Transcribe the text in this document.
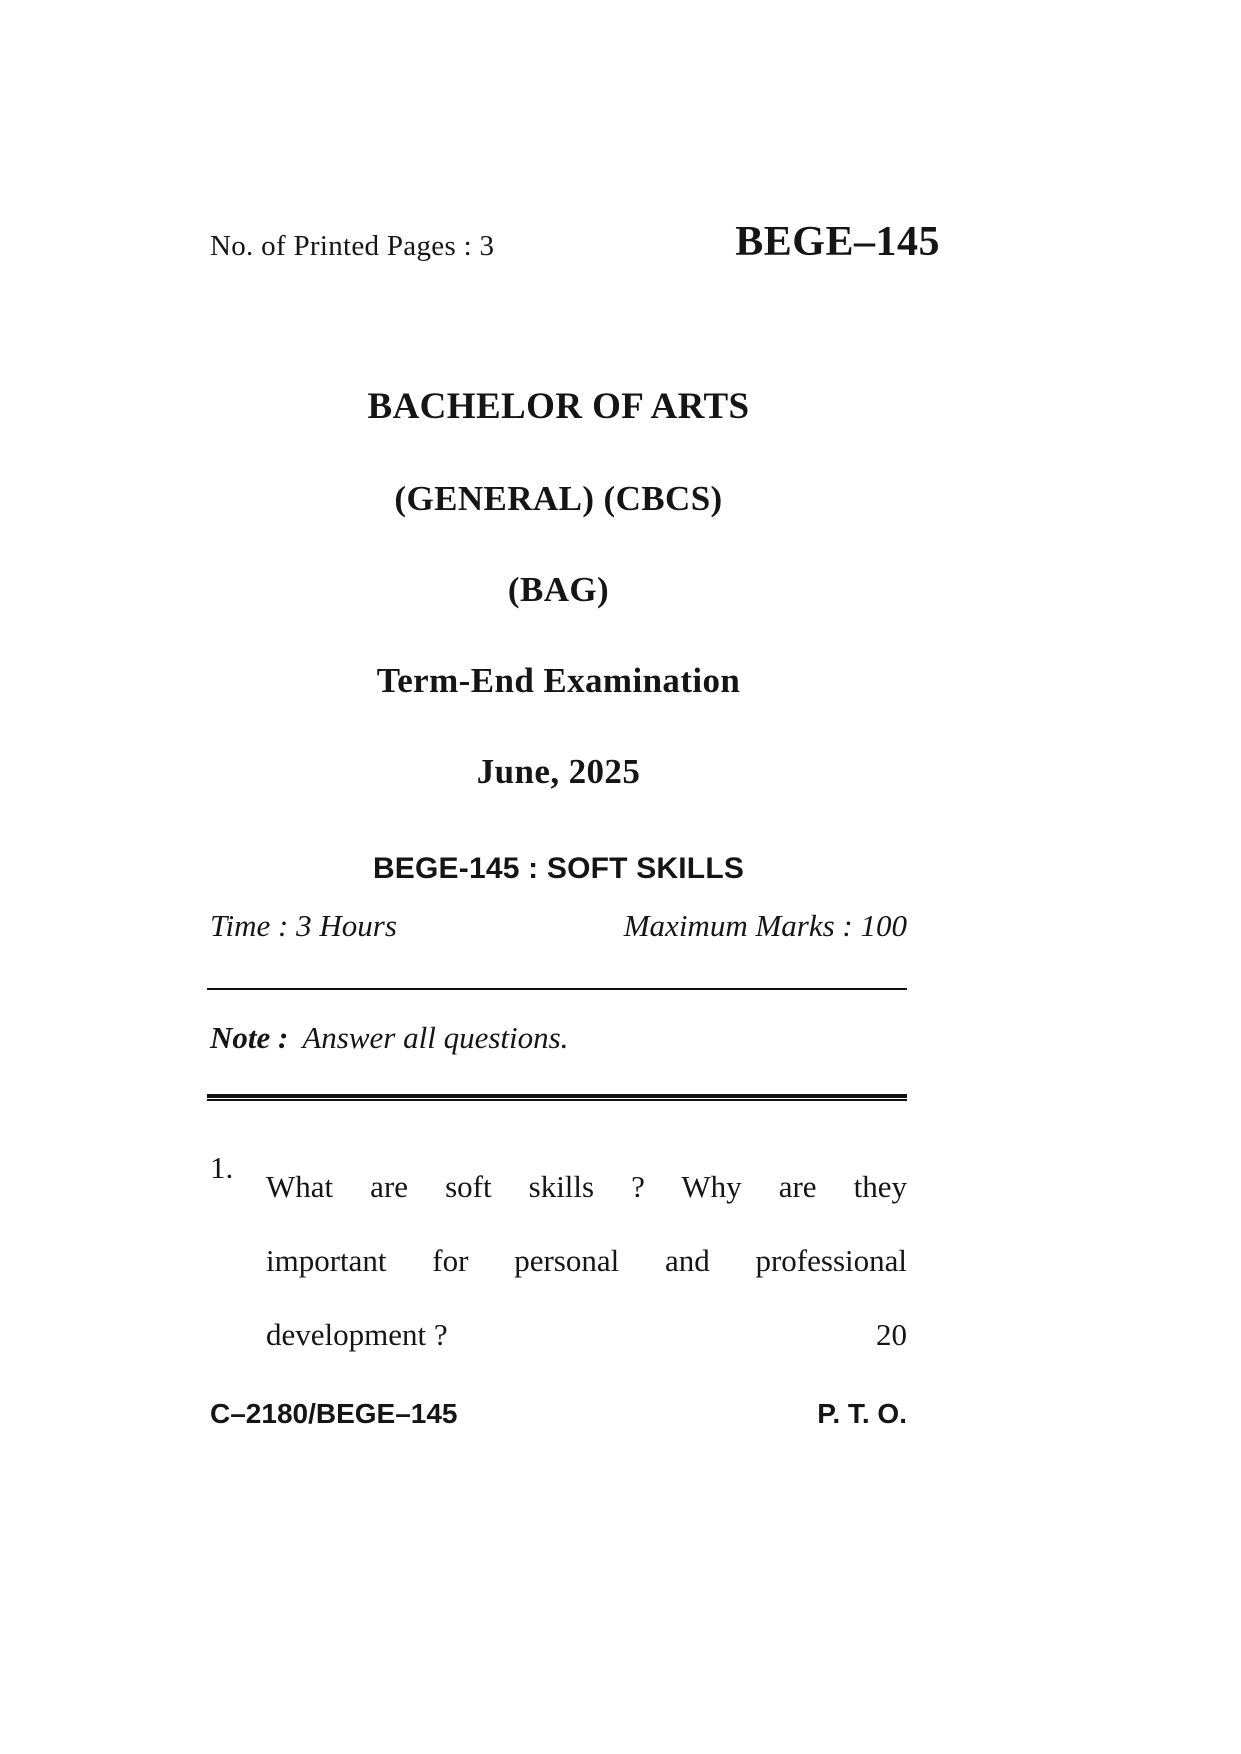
No. of Printed Pages : 3	BEGE–145
BACHELOR OF ARTS
(GENERAL) (CBCS)
(BAG)
Term-End Examination
June, 2025
BEGE-145 : SOFT SKILLS
Time : 3 Hours	Maximum Marks : 100
Note : Answer all questions.
1.
What are soft skills ? Why are they
important for personal and professional
development ?	20
C–2180/BEGE–145	P. T. O.
